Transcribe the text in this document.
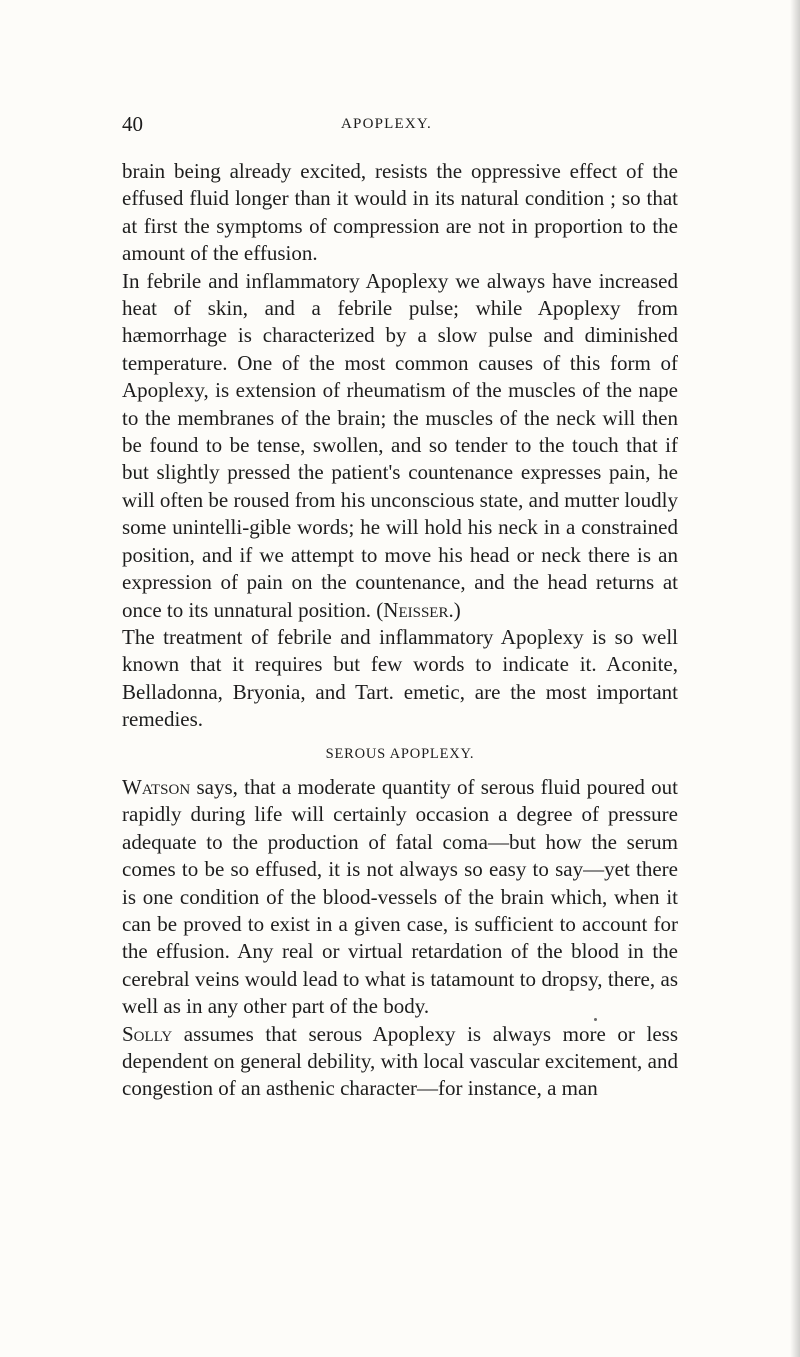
40	APOPLEXY.

brain being already excited, resists the oppressive effect of the effused fluid longer than it would in its natural condition ; so that at first the symptoms of compression are not in proportion to the amount of the effusion.

In febrile and inflammatory Apoplexy we always have increased heat of skin, and a febrile pulse; while Apoplexy from hæmorrhage is characterized by a slow pulse and diminished temperature. One of the most common causes of this form of Apoplexy, is extension of rheumatism of the muscles of the nape to the membranes of the brain; the muscles of the neck will then be found to be tense, swollen, and so tender to the touch that if but slightly pressed the patient's countenance expresses pain, he will often be roused from his unconscious state, and mutter loudly some unintelli-gible words; he will hold his neck in a constrained position, and if we attempt to move his head or neck there is an expression of pain on the countenance, and the head returns at once to its unnatural position. (Neisser.)

The treatment of febrile and inflammatory Apoplexy is so well known that it requires but few words to indicate it. Aconite, Belladonna, Bryonia, and Tart. emetic, are the most important remedies.

SEROUS APOPLEXY.

Watson says, that a moderate quantity of serous fluid poured out rapidly during life will certainly occasion a degree of pressure adequate to the production of fatal coma—but how the serum comes to be so effused, it is not always so easy to say—yet there is one condition of the blood-vessels of the brain which, when it can be proved to exist in a given case, is sufficient to account for the effusion. Any real or virtual retardation of the blood in the cerebral veins would lead to what is tatamount to dropsy, there, as well as in any other part of the body.

Solly assumes that serous Apoplexy is always more or less dependent on general debility, with local vascular excitement, and congestion of an asthenic character—for instance, a man
